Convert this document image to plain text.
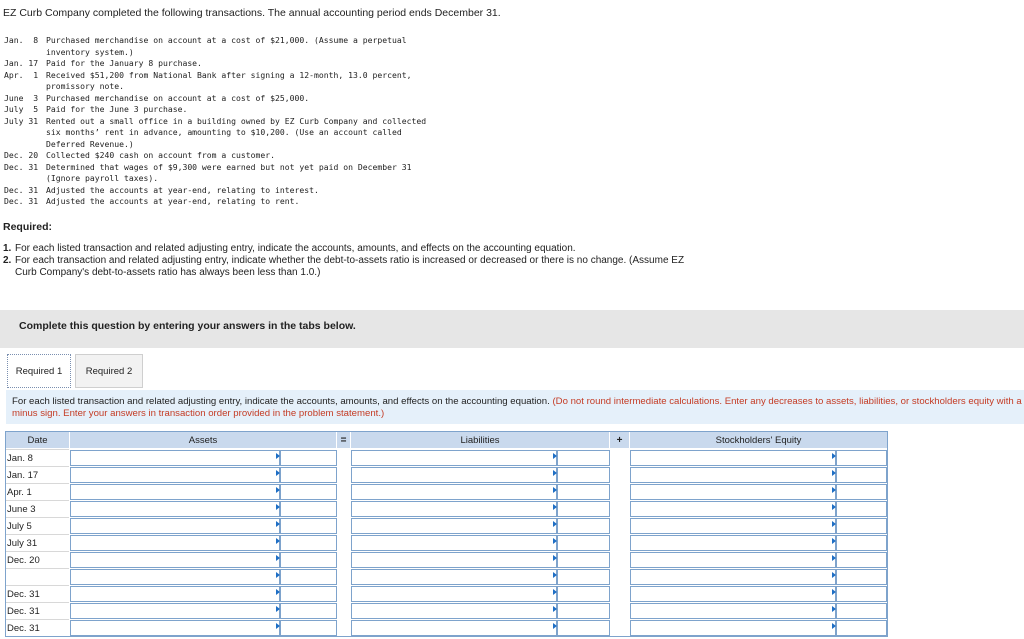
EZ Curb Company completed the following transactions. The annual accounting period ends December 31.
Jan.  8 Purchased merchandise on account at a cost of $21,000. (Assume a perpetual
inventory system.)
Jan. 17 Paid for the January 8 purchase.
Apr.  1 Received $51,200 from National Bank after signing a 12-month, 13.0 percent,
promissory note.
June  3 Purchased merchandise on account at a cost of $25,000.
July  5 Paid for the June 3 purchase.
July 31 Rented out a small office in a building owned by EZ Curb Company and collected
six months’ rent in advance, amounting to $10,200. (Use an account called
Deferred Revenue.)
Dec. 20 Collected $240 cash on account from a customer.
Dec. 31 Determined that wages of $9,300 were earned but not yet paid on December 31
(Ignore payroll taxes).
Dec. 31 Adjusted the accounts at year-end, relating to interest.
Dec. 31 Adjusted the accounts at year-end, relating to rent.
Required:
1. For each listed transaction and related adjusting entry, indicate the accounts, amounts, and effects on the accounting equation.
2. For each transaction and related adjusting entry, indicate whether the debt-to-assets ratio is increased or decreased or there is no change. (Assume EZ Curb Company's debt-to-assets ratio has always been less than 1.0.)
Complete this question by entering your answers in the tabs below.
Required 1 Required 2
For each listed transaction and related adjusting entry, indicate the accounts, amounts, and effects on the accounting equation. (Do not round intermediate calculations. Enter any decreases to assets, liabilities, or stockholders equity with a minus sign. Enter your answers in transaction order provided in the problem statement.)
Date	Assets	=	Liabilities	+	Stockholders' Equity
Jan. 8
Jan. 17
Apr. 1
June 3
July 5
July 31
Dec. 20
Dec. 31
Dec. 31
Dec. 31
